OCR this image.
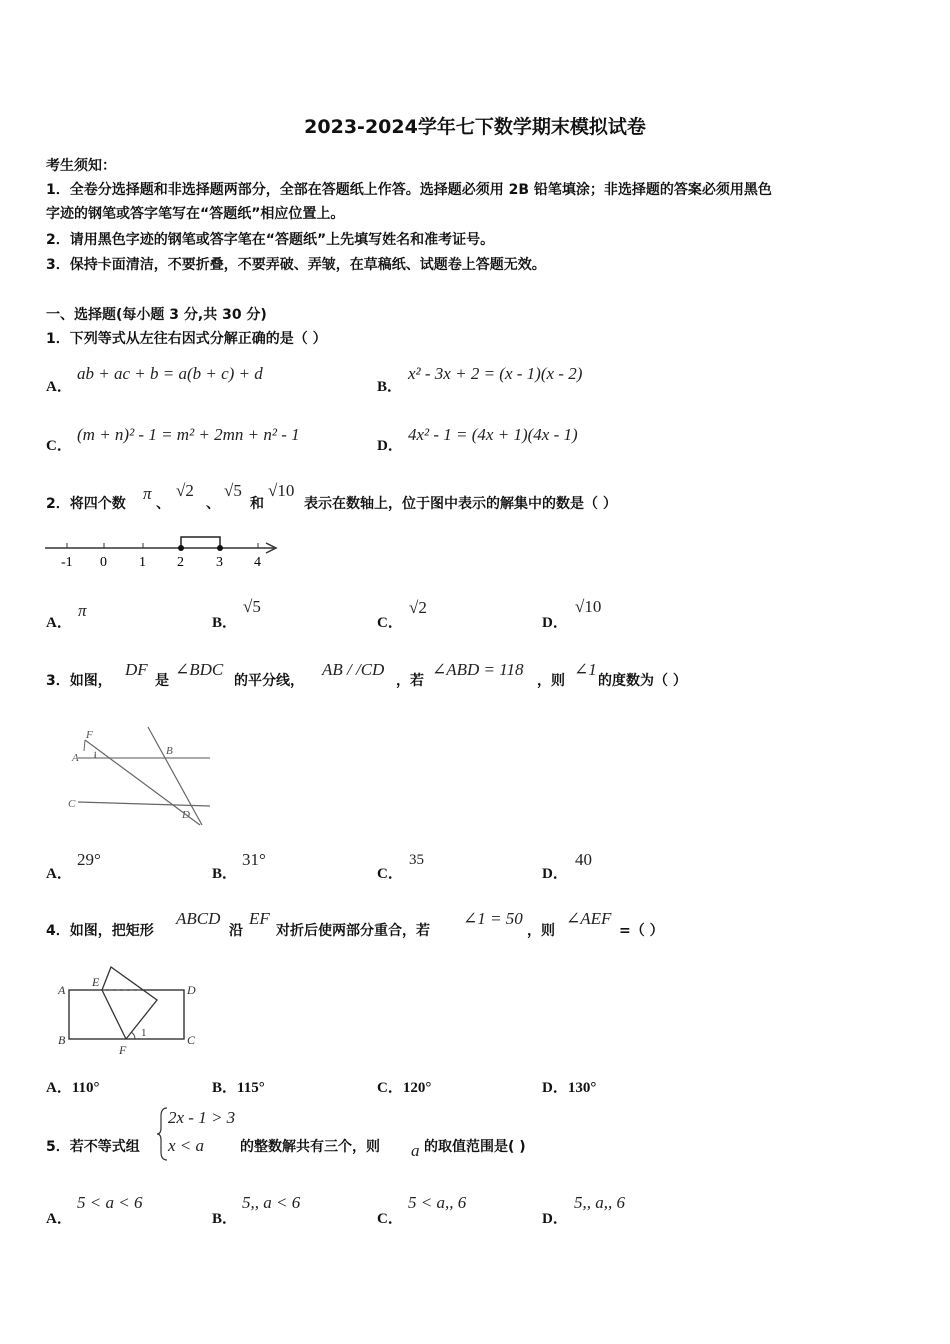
2023-2024学年七下数学期末模拟试卷
考生须知：
1．全卷分选择题和非选择题两部分，全部在答题纸上作答。选择题必须用 2B 铅笔填涂；非选择题的答案必须用黑色
字迹的钢笔或答字笔写在“答题纸”相应位置上。
2．请用黑色字迹的钢笔或答字笔在“答题纸”上先填写姓名和准考证号。
3．保持卡面清洁，不要折叠，不要弄破、弄皱，在草稿纸、试题卷上答题无效。
一、选择题(每小题 3 分,共 30 分)
1．下列等式从左往右因式分解正确的是（ ）
A．
ab + ac + b = a(b + c) + d
B．
x² - 3x + 2 = (x - 1)(x - 2)
C．
(m + n)² - 1 = m² + 2mn + n² - 1
D．
4x² - 1 = (4x + 1)(4x - 1)
2．将四个数
π
、
√2
、
√5
和
√10
表示在数轴上，位于图中表示的解集中的数是（ ）
-1 0 1 2 3 4
A．
π
B．
√5
C．
√2
D．
√10
3．如图，
DF
是
∠BDC
的平分线，
AB / /CD
，若
∠ABD = 118
，则
∠1
的度数为（ ）
F
A 1	B
C
D
A．
29°
B．
31°
C．
35
D．
40
4．如图，把矩形
ABCD
沿
EF
对折后使两部分重合，若
∠1 = 50
，则
∠AEF
=（ ）
A
E
D
B
F
C
1
A．110°	B．115°	C．120°	D．130°
5．若不等式组
2x - 1 > 3
x < a	的整数解共有三个，则 a 的取值范围是( )
A．
5 < a < 6
B．
5,, a < 6
C．
5 < a,, 6
D．
5,, a,, 6
